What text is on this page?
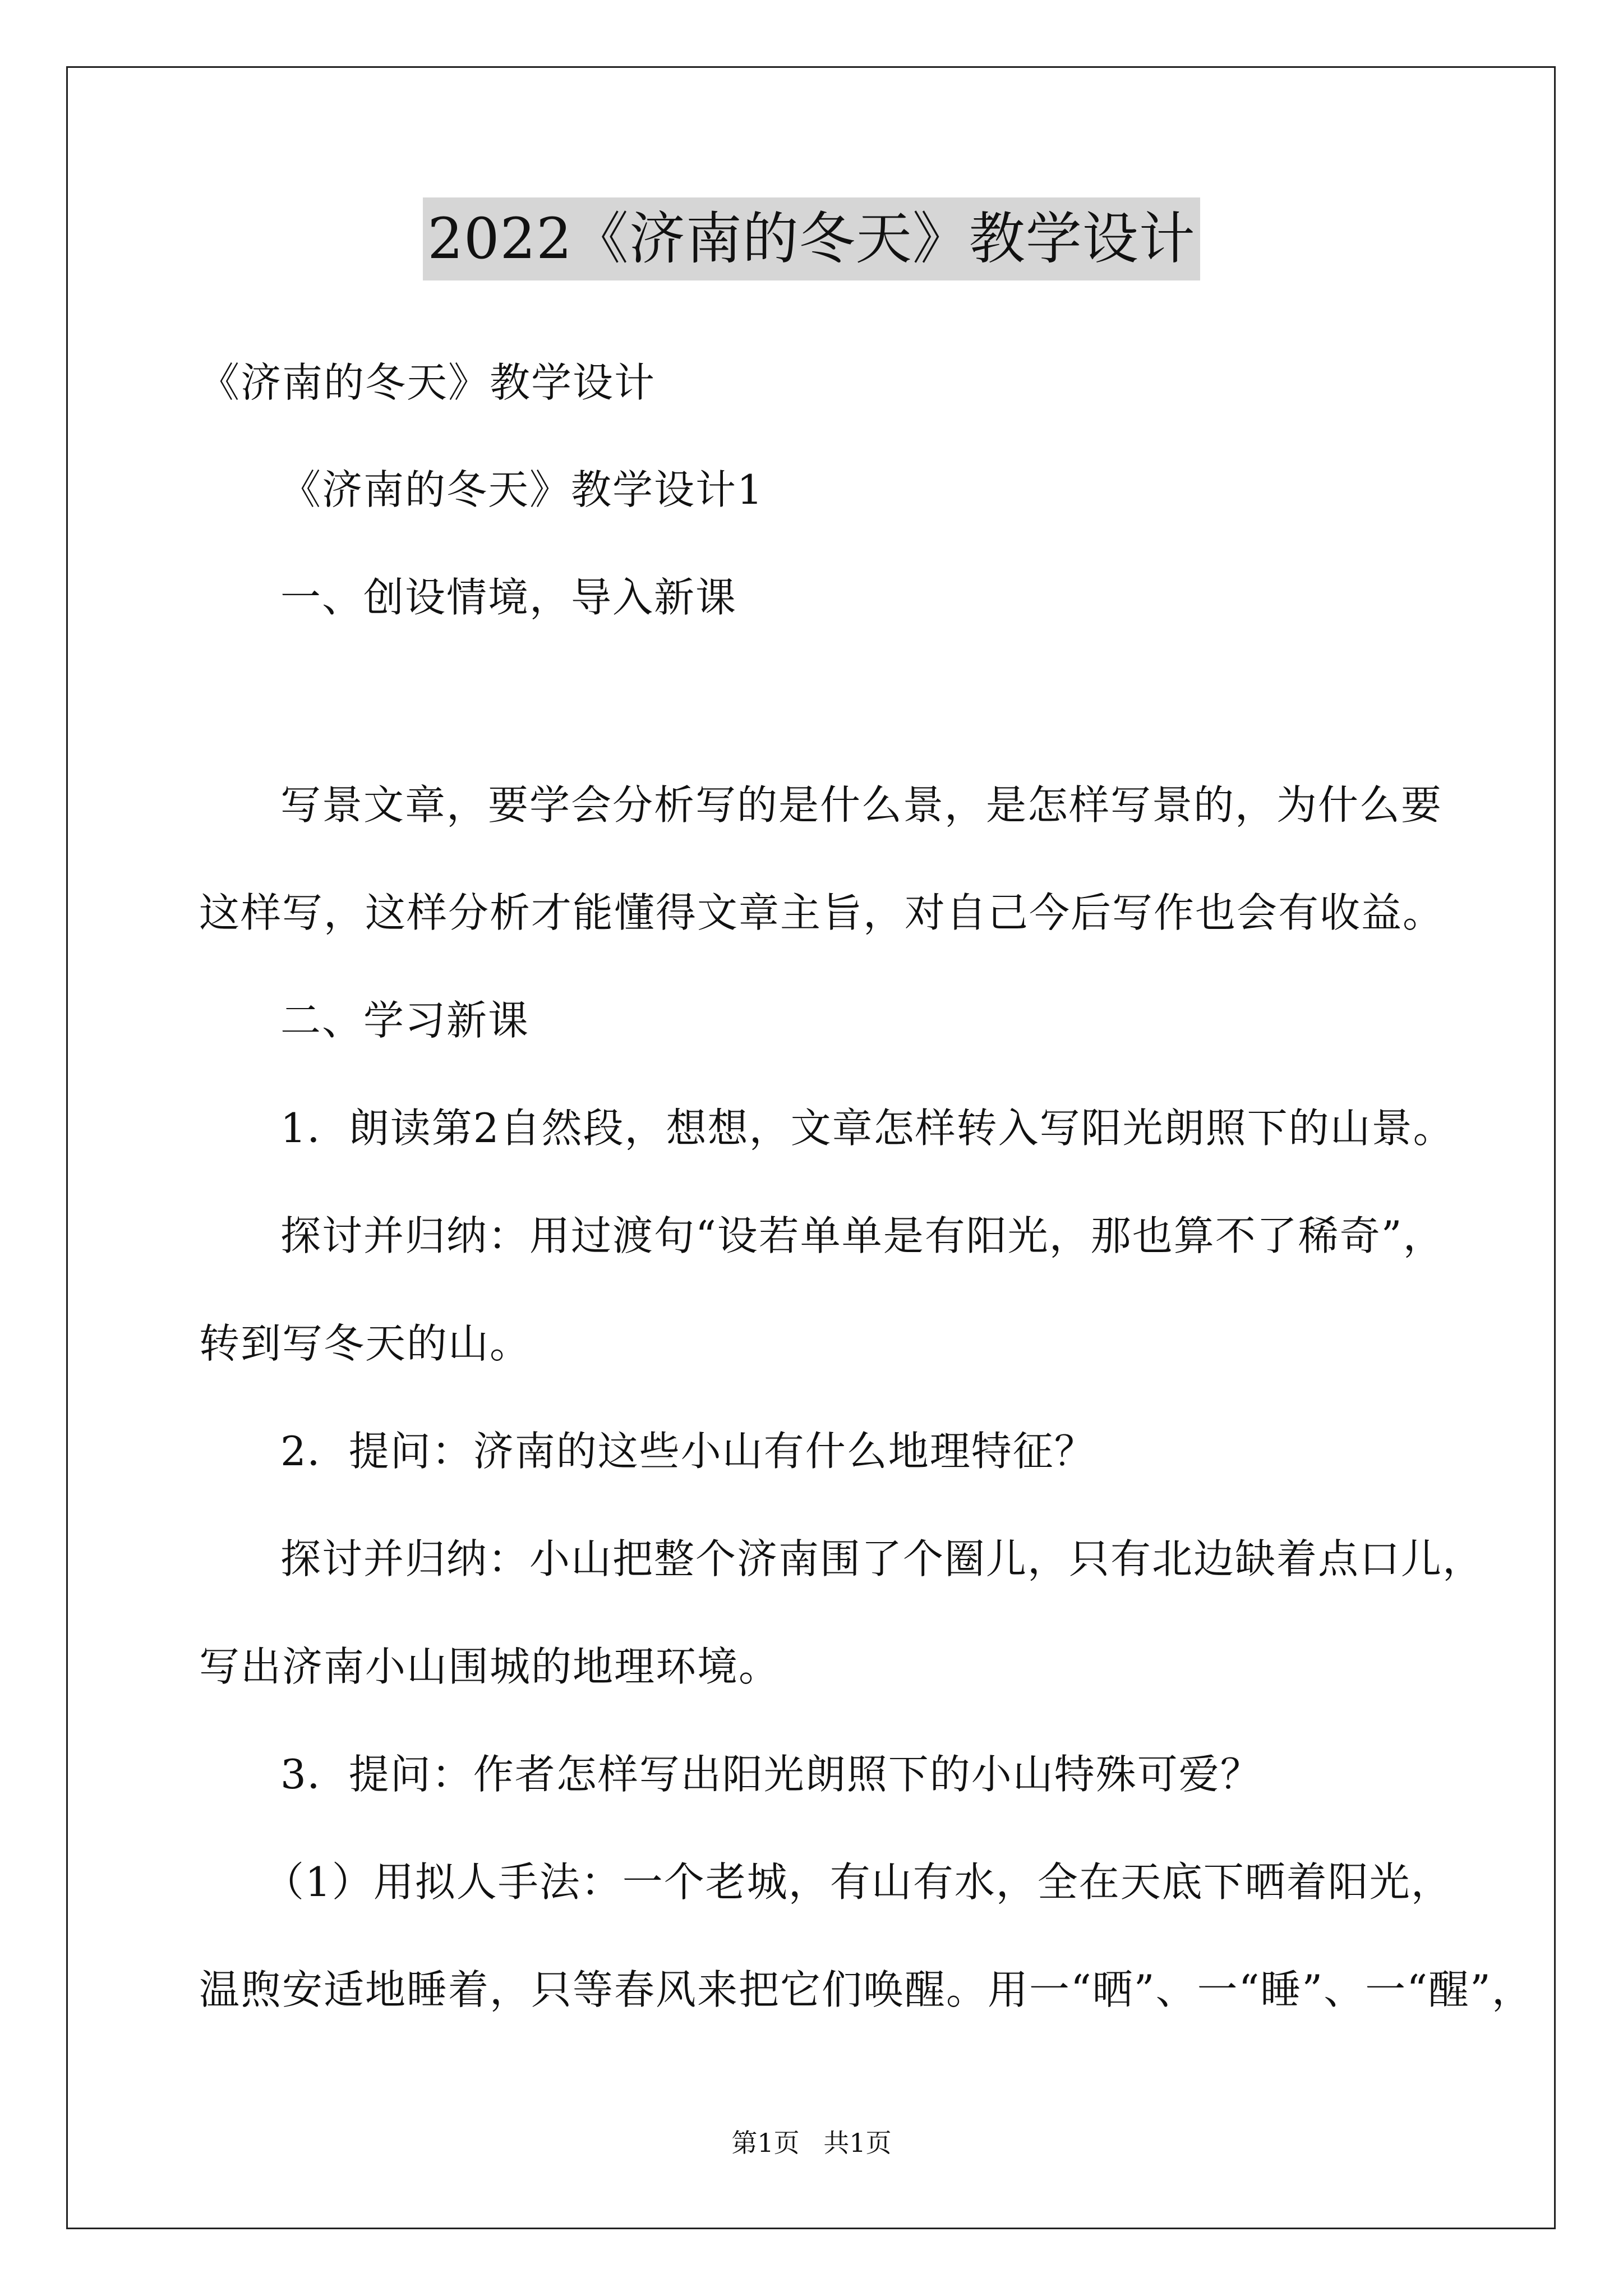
2022《济南的冬天》教学设计
《济南的冬天》教学设计
《济南的冬天》教学设计1
一、创设情境，导入新课
写景文章，要学会分析写的是什么景，是怎样写景的，为什么要
这样写，这样分析才能懂得文章主旨，对自己今后写作也会有收益。
二、学习新课
1．朗读第2自然段，想想，文章怎样转入写阳光朗照下的山景。
探讨并归纳：用过渡句“设若单单是有阳光，那也算不了稀奇”，
转到写冬天的山。
2．提问：济南的这些小山有什么地理特征？
探讨并归纳：小山把整个济南围了个圈儿，只有北边缺着点口儿，
写出济南小山围城的地理环境。
3．提问：作者怎样写出阳光朗照下的小山特殊可爱？
（1）用拟人手法：一个老城，有山有水，全在天底下晒着阳光，
温煦安适地睡着，只等春风来把它们唤醒。用一“晒”、一“睡”、一“醒”，
第1页 共1页
